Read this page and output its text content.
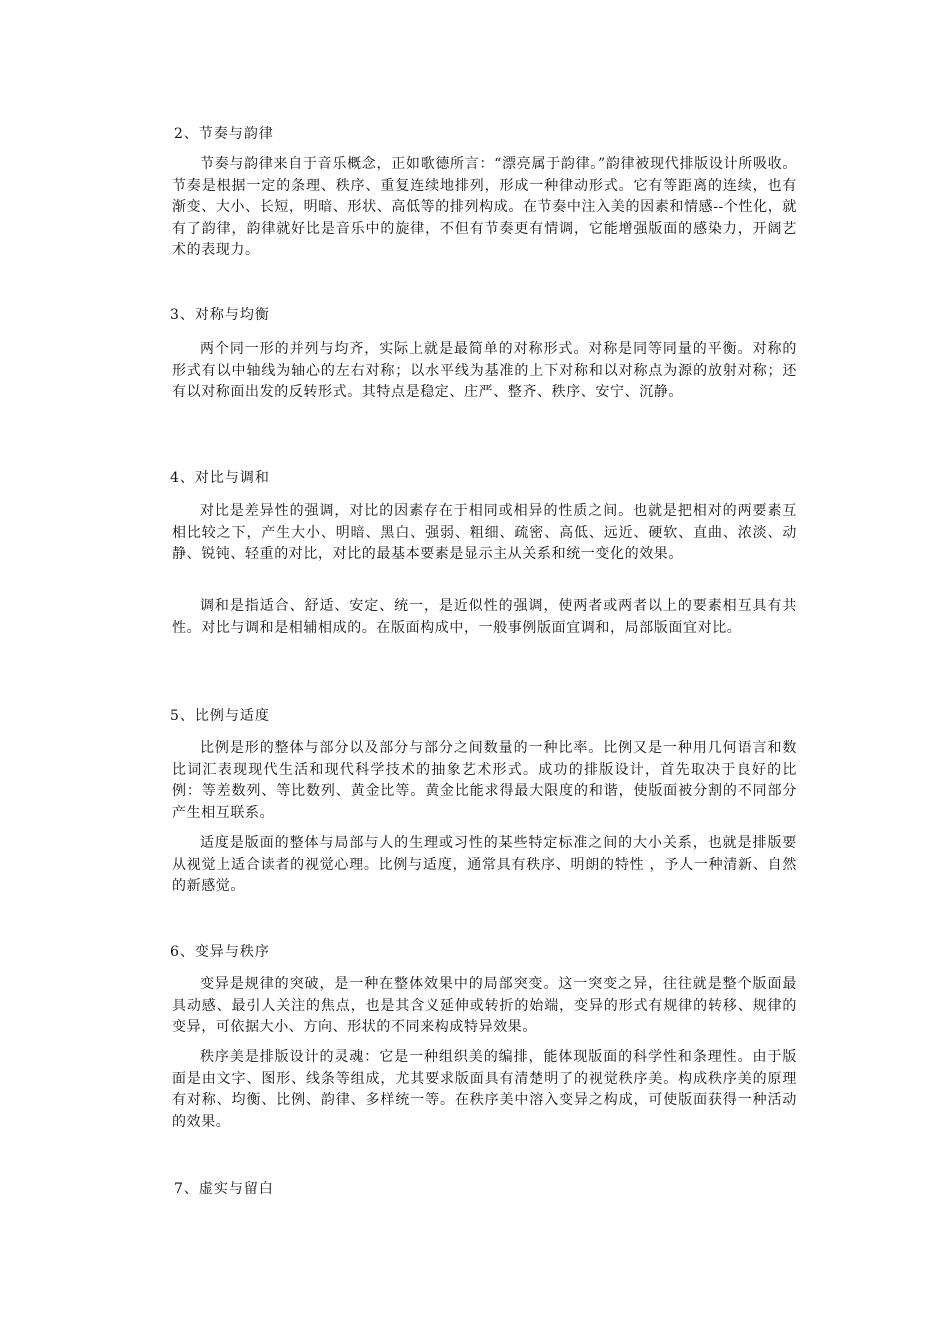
2、节奏与韵律
节奏与韵律来自于音乐概念，正如歌德所言：“漂亮属于韵律。”韵律被现代排版设计所吸收。节奏是根据一定的条理、秩序、重复连续地排列，形成一种律动形式。它有等距离的连续，也有渐变、大小、长短，明暗、形状、高低等的排列构成。在节奏中注入美的因素和情感--个性化，就有了韵律，韵律就好比是音乐中的旋律，不但有节奏更有情调，它能增强版面的感染力，开阔艺术的表现力。
3、对称与均衡
两个同一形的并列与均齐，实际上就是最简单的对称形式。对称是同等同量的平衡。对称的形式有以中轴线为轴心的左右对称；以水平线为基准的上下对称和以对称点为源的放射对称；还有以对称面出发的反转形式。其特点是稳定、庄严、整齐、秩序、安宁、沉静。
4、对比与调和
对比是差异性的强调，对比的因素存在于相同或相异的性质之间。也就是把相对的两要素互相比较之下，产生大小、明暗、黑白、强弱、粗细、疏密、高低、远近、硬软、直曲、浓淡、动静、锐钝、轻重的对比，对比的最基本要素是显示主从关系和统一变化的效果。
调和是指适合、舒适、安定、统一，是近似性的强调，使两者或两者以上的要素相互具有共性。对比与调和是相辅相成的。在版面构成中，一般事例版面宜调和，局部版面宜对比。
5、比例与适度
比例是形的整体与部分以及部分与部分之间数量的一种比率。比例又是一种用几何语言和数比词汇表现现代生活和现代科学技术的抽象艺术形式。成功的排版设计，首先取决于良好的比例：等差数列、等比数列、黄金比等。黄金比能求得最大限度的和谐，使版面被分割的不同部分产生相互联系。
适度是版面的整体与局部与人的生理或习性的某些特定标准之间的大小关系，也就是排版要从视觉上适合读者的视觉心理。比例与适度，通常具有秩序、明朗的特性 ，予人一种清新、自然的新感觉。
6、变异与秩序
变异是规律的突破，是一种在整体效果中的局部突变。这一突变之异，往往就是整个版面最具动感、最引人关注的焦点，也是其含义延伸或转折的始端，变异的形式有规律的转移、规律的变异，可依据大小、方向、形状的不同来构成特异效果。
秩序美是排版设计的灵魂：它是一种组织美的编排，能体现版面的科学性和条理性。由于版面是由文字、图形、线条等组成，尤其要求版面具有清楚明了的视觉秩序美。构成秩序美的原理有对称、均衡、比例、韵律、多样统一等。在秩序美中溶入变异之构成，可使版面获得一种活动的效果。
7、虚实与留白
